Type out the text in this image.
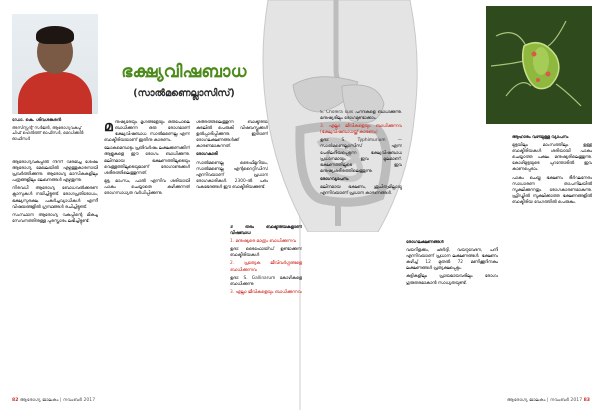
ഡോ. കെ. ശിവശങ്കരൻ
അസിസ്റ്റന്റ് സർജൻ, ആരോഗ്യവകുപ്പ്
ചീഫ് ഹെൽത്ത് ഓഫീസർ, മെഡിക്കൽ ഓഫീസർ
ഭക്ഷ്യവിഷബാധ
(സാൽമണെല്ലാസിസ്)

ആരോഗ്യവകുപ്പിൽ നിന്ന് വിരമിച്ച ശേഷം ആരോഗ്യ മേഖലയിൽ എഴുത്തുകാരനായി പ്രവർത്തിക്കുന്നു. ആരോഗ്യ മാസികകളിലും പത്രങ്ങളിലും ലേഖനങ്ങൾ എഴുതുന്നു.

നിരവധി ആരോഗ്യ ബോധവൽക്കരണ ക്ലാസുകൾ നയിച്ചിട്ടുണ്ട്. രോഗപ്രതിരോധം, ഭക്ഷ്യസുരക്ഷ, പകർച്ചവ്യാധികൾ എന്നീ വിഷയങ്ങളിൽ ഗ്രന്ഥങ്ങൾ രചിച്ചിട്ടുണ്ട്.

സംസ്ഥാന ആരോഗ്യ വകുപ്പിന്റെ മികച്ച സേവനത്തിനുള്ള പുരസ്കാരം ലഭിച്ചിട്ടുണ്ട്.

മനുഷ്യരേയും മൃഗങ്ങളേയും ഒരുപോലെ ബാധിക്കുന്ന ഒരു രോഗമാണ് ഭക്ഷ്യവിഷബാധ. സാൽമണെല്ല എന്ന ബാക്ടീരിയയാണ് ഇതിനു കാരണം.

ലോകമെമ്പാടും പ്രതിവർഷം ലക്ഷക്കണക്കിന് ആളുകളെ ഈ രോഗം ബാധിക്കുന്നു. മലിനമായ ഭക്ഷണത്തിലൂടെയും വെള്ളത്തിലൂടെയുമാണ് രോഗാണുക്കൾ ശരീരത്തിലെത്തുന്നത്.

മുട്ട, മാംസം, പാൽ എന്നിവ ശരിയായി പാകം ചെയ്യാതെ കഴിക്കുന്നത് രോഗസാധ്യത വർധിപ്പിക്കുന്നു.

ശരീരത്തിലെത്തുന്ന ബാക്ടീരിയ കുടലിൽ പെരുകി വിഷവസ്തുക്കൾ ഉൽപ്പാദിപ്പിക്കുന്നു. ഇതാണ് രോഗലക്ഷണങ്ങൾക്ക് കാരണമാകുന്നത്.

രോഗകാരി

സാൽമണെല്ല ടൈഫിമൂറിയം, സാൽമണെല്ല എന്ററൈറ്റിഡിസ് എന്നിവയാണ് പ്രധാന രോഗകാരികൾ. 2300-ൽ പരം വകഭേദങ്ങൾ ഈ ബാക്ടീരിയക്കുണ്ട്.

3 തരം ബാക്ടീരിയകളാണ് വിഷബാധ

1. മനുഷ്യരെ മാത്രം ബാധിക്കുന്നവ

ഉദാ: ടൈഫോയ്ഡ് ഉണ്ടാക്കുന്ന ബാക്ടീരിയകൾ

2. പ്രത്യേക ജീവിവർഗ്ഗങ്ങളെ ബാധിക്കുന്നവ

ഉദാ: S. Gallinarum കോഴികളെ ബാധിക്കുന്നു

3. എല്ലാ ജീവികളെയും ബാധിക്കുന്നവ

S. Cholera suis പന്നികളെ ബാധിക്കുന്നു. മനുഷ്യരിലും രോഗമുണ്ടാക്കാം.

3. എല്ലാ ജീവികളെയും ബാധിക്കുന്നവ (ഭക്ഷ്യവിഷബാധയ്ക്ക് കാരണം)

ഉദാ: S. Typhimurium — സാൽമണെല്ലാസിസ് എന്ന പേരിലറിയപ്പെടുന്ന ഭക്ഷ്യവിഷബാധ പ്രധാനമായും ഇവ മൂലമാണ്. ഭക്ഷണത്തിലൂടെ ഇവ മനുഷ്യശരീരത്തിലെത്തുന്നു.

രോഗവ്യാപനം

മലിനമായ ഭക്ഷണം, ശുചിത്വമില്ലായ്മ എന്നിവയാണ് പ്രധാന കാരണങ്ങൾ.

രോഗലക്ഷണങ്ങൾ

വയറിളക്കം, ഛർദ്ദി, വയറുവേദന, പനി എന്നിവയാണ് പ്രധാന ലക്ഷണങ്ങൾ. ഭക്ഷണം കഴിച്ച് 12 മുതൽ 72 മണിക്കൂറിനകം ലക്ഷണങ്ങൾ പ്രത്യക്ഷപ്പെടും.

കുട്ടികളിലും പ്രായമായവരിലും രോഗം ഗുരുതരമാകാൻ സാധ്യതയുണ്ട്.

ആഹാരം വഴിയുള്ള വ്യാപനം

മുട്ടയിലും മാംസത്തിലും ഉള്ള ബാക്ടീരിയകൾ ശരിയായി പാകം ചെയ്യാത്ത പക്ഷം മനുഷ്യരിലെത്തുന്നു. കോഴിമുട്ടയുടെ പുറന്തോടിൽ ഇവ കാണപ്പെടാം.

പാകം ചെയ്ത ഭക്ഷണം ദീർഘനേരം സാധാരണ താപനിലയിൽ സൂക്ഷിക്കുന്നതും രോഗകാരണമാകുന്നു. ഫ്രിഡ്ജിൽ സൂക്ഷിക്കാത്ത ഭക്ഷണങ്ങളിൽ ബാക്ടീരിയ വേഗത്തിൽ പെരുകും.

82 ആരോഗ്യ ജാലകം | നവംബർ 2017	ആരോഗ്യ ജാലകം | നവംബർ 2017 83
